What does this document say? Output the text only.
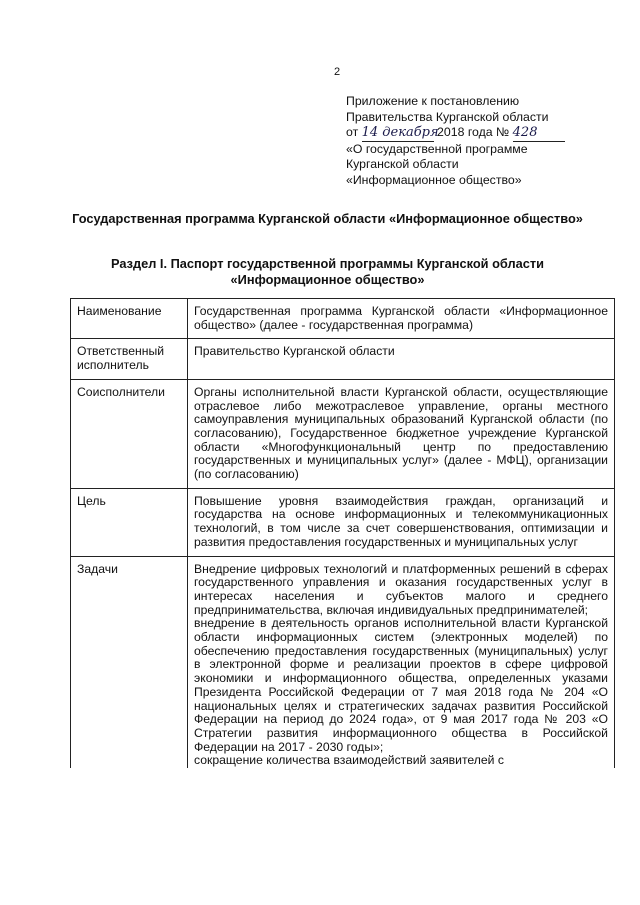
2
Приложение к постановлению
Правительства Курганской области
от 14 декабря 2018 года № 428
«О государственной программе
Курганской области
«Информационное общество»
Государственная программа Курганской области «Информационное общество»
Раздел I. Паспорт государственной программы Курганской области
«Информационное общество»
Наименование	Государственная программа Курганской области «Информационное общество» (далее - государственная программа)
Ответственный исполнитель	Правительство Курганской области
Соисполнители	Органы исполнительной власти Курганской области, осуществляющие отраслевое либо межотраслевое управление, органы местного самоуправления муниципальных образований Курганской области (по согласованию), Государственное бюджетное учреждение Курганской области «Многофункциональный центр по предоставлению государственных и муниципальных услуг» (далее - МФЦ), организации (по согласованию)
Цель	Повышение уровня взаимодействия граждан, организаций и государства на основе информационных и телекоммуникационных технологий, в том числе за счет совершенствования, оптимизации и развития предоставления государственных и муниципальных услуг
Задачи	Внедрение цифровых технологий и платформенных решений в сферах государственного управления и оказания государственных услуг в интересах населения и субъектов малого и среднего предпринимательства, включая индивидуальных предпринимателей;
внедрение в деятельность органов исполнительной власти Курганской области информационных систем (электронных моделей) по обеспечению предоставления государственных (муниципальных) услуг в электронной форме и реализации проектов в сфере цифровой экономики и информационного общества, определенных указами Президента Российской Федерации от 7 мая 2018 года № 204 «О национальных целях и стратегических задачах развития Российской Федерации на период до 2024 года», от 9 мая 2017 года № 203 «О Стратегии развития информационного общества в Российской Федерации на 2017 - 2030 годы»;
сокращение количества взаимодействий заявителей с
